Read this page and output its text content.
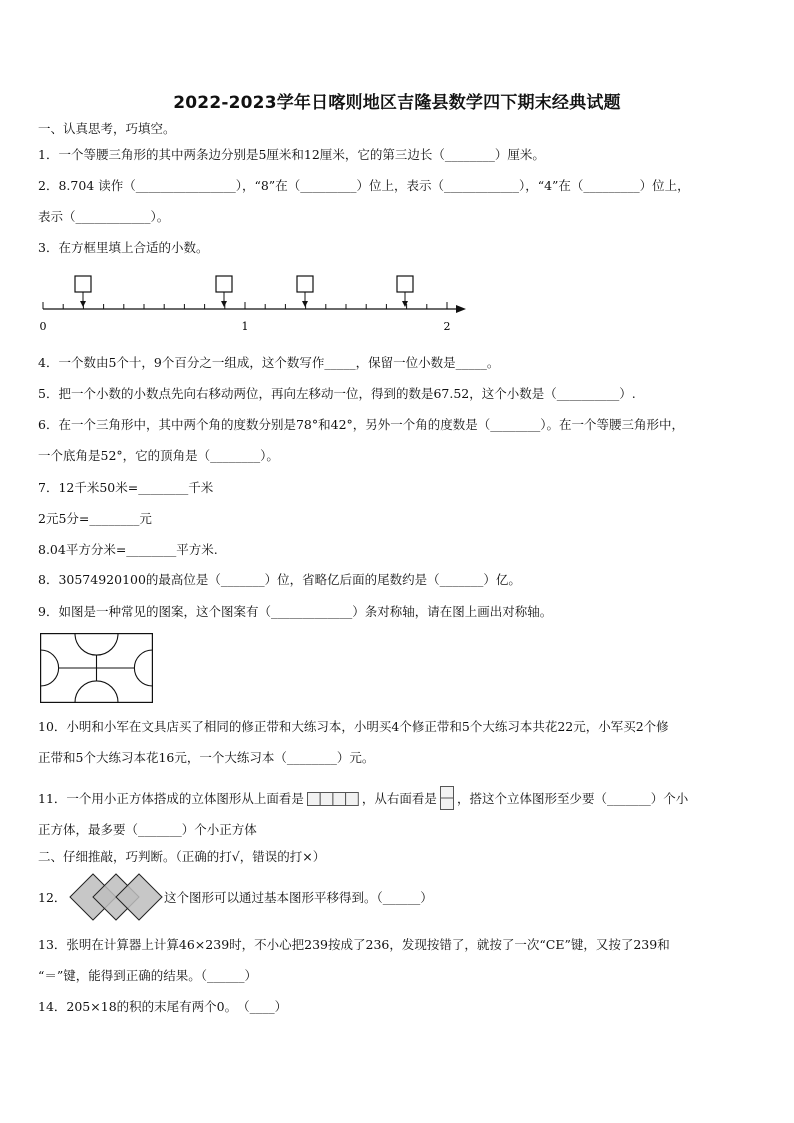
2022-2023学年日喀则地区吉隆县数学四下期末经典试题
一、认真思考，巧填空。
1．一个等腰三角形的其中两条边分别是5厘米和12厘米，它的第三边长（________）厘米。
2．8.704 读作（________________），“8”在（_________）位上，表示（____________），“4”在（_________）位上，
表示（____________）。
3．在方框里填上合适的小数。
0	1	2
4．一个数由5个十，9个百分之一组成，这个数写作_____，保留一位小数是_____。
5．把一个小数的小数点先向右移动两位，再向左移动一位，得到的数是67.52，这个小数是（__________）.
6．在一个三角形中，其中两个角的度数分别是78°和42°，另外一个角的度数是（________）。在一个等腰三角形中，
一个底角是52°，它的顶角是（________）。
7．12千米50米=________千米
2元5分=________元
8.04平方分米=________平方米.
8．30574920100的最高位是（_______）位，省略亿后面的尾数约是（_______）亿。
9．如图是一种常见的图案，这个图案有（_____________）条对称轴，请在图上画出对称轴。
10．小明和小军在文具店买了相同的修正带和大练习本，小明买4个修正带和5个大练习本共花22元，小军买2个修
正带和5个大练习本花16元，一个大练习本（________）元。
11．一个用小正方体搭成的立体图形从上面看是	，从右面看是 ，搭这个立体图形至少要（_______）个小
正方体，最多要（_______）个小正方体
二、仔细推敲，巧判断。（正确的打√，错误的打×）
12．	这个图形可以通过基本图形平移得到。（______）
13．张明在计算器上计算46×239时，不小心把239按成了236，发现按错了，就按了一次“CE”键，又按了239和
“＝”键，能得到正确的结果。（______）
14．205×18的积的末尾有两个0。　（____）
